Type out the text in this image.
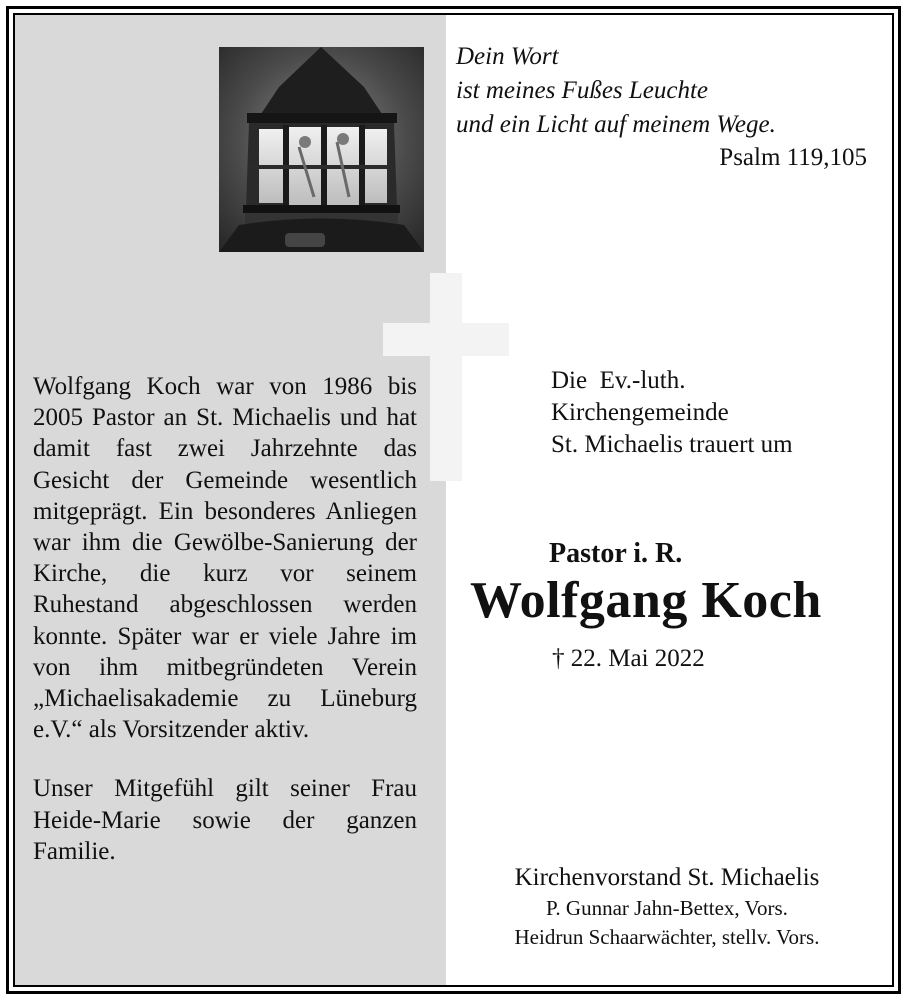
Dein Wort
ist meines Fußes Leuchte
und ein Licht auf meinem Wege.
Psalm 119,105

Wolfgang Koch war von 1986 bis 2005 Pastor an St. Michaelis und hat damit fast zwei Jahrzehnte das Gesicht der Gemeinde wesentlich mitgeprägt. Ein besonderes Anliegen war ihm die Gewölbe-Sanierung der Kirche, die kurz vor seinem Ruhestand abgeschlossen werden konnte. Später war er viele Jahre im von ihm mitbegründeten Verein „Michaelisakademie zu Lüneburg e.V.“ als Vorsitzender aktiv.

Unser Mitgefühl gilt seiner Frau Heide-Marie sowie der ganzen Familie.

Die  Ev.-luth.
Kirchengemeinde
St. Michaelis trauert um
Pastor i. R.
Wolfgang Koch
† 22. Mai 2022
Kirchenvorstand St. Michaelis
P. Gunnar Jahn-Bettex, Vors.
Heidrun Schaarwächter, stellv. Vors.
